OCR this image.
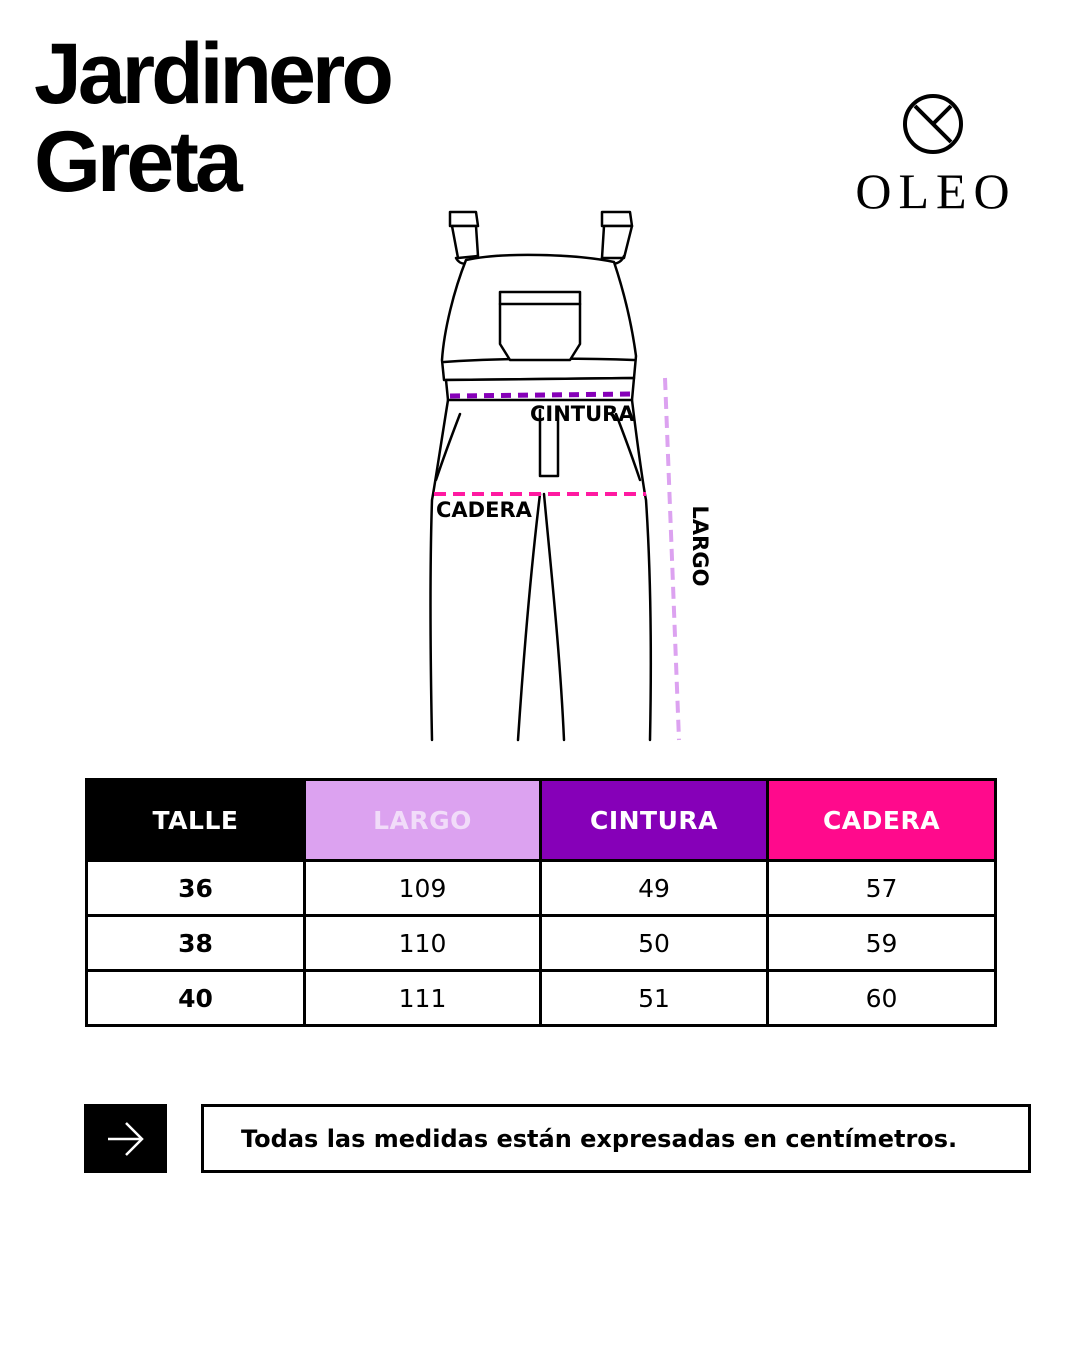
Jardinero
Greta	OLEO
CINTURA
CADERA	LARGO
TALLE	LARGO	CINTURA	CADERA
36	109	49	57
38	110	50	59
40	111	51	60
Todas las medidas están expresadas en centímetros.
